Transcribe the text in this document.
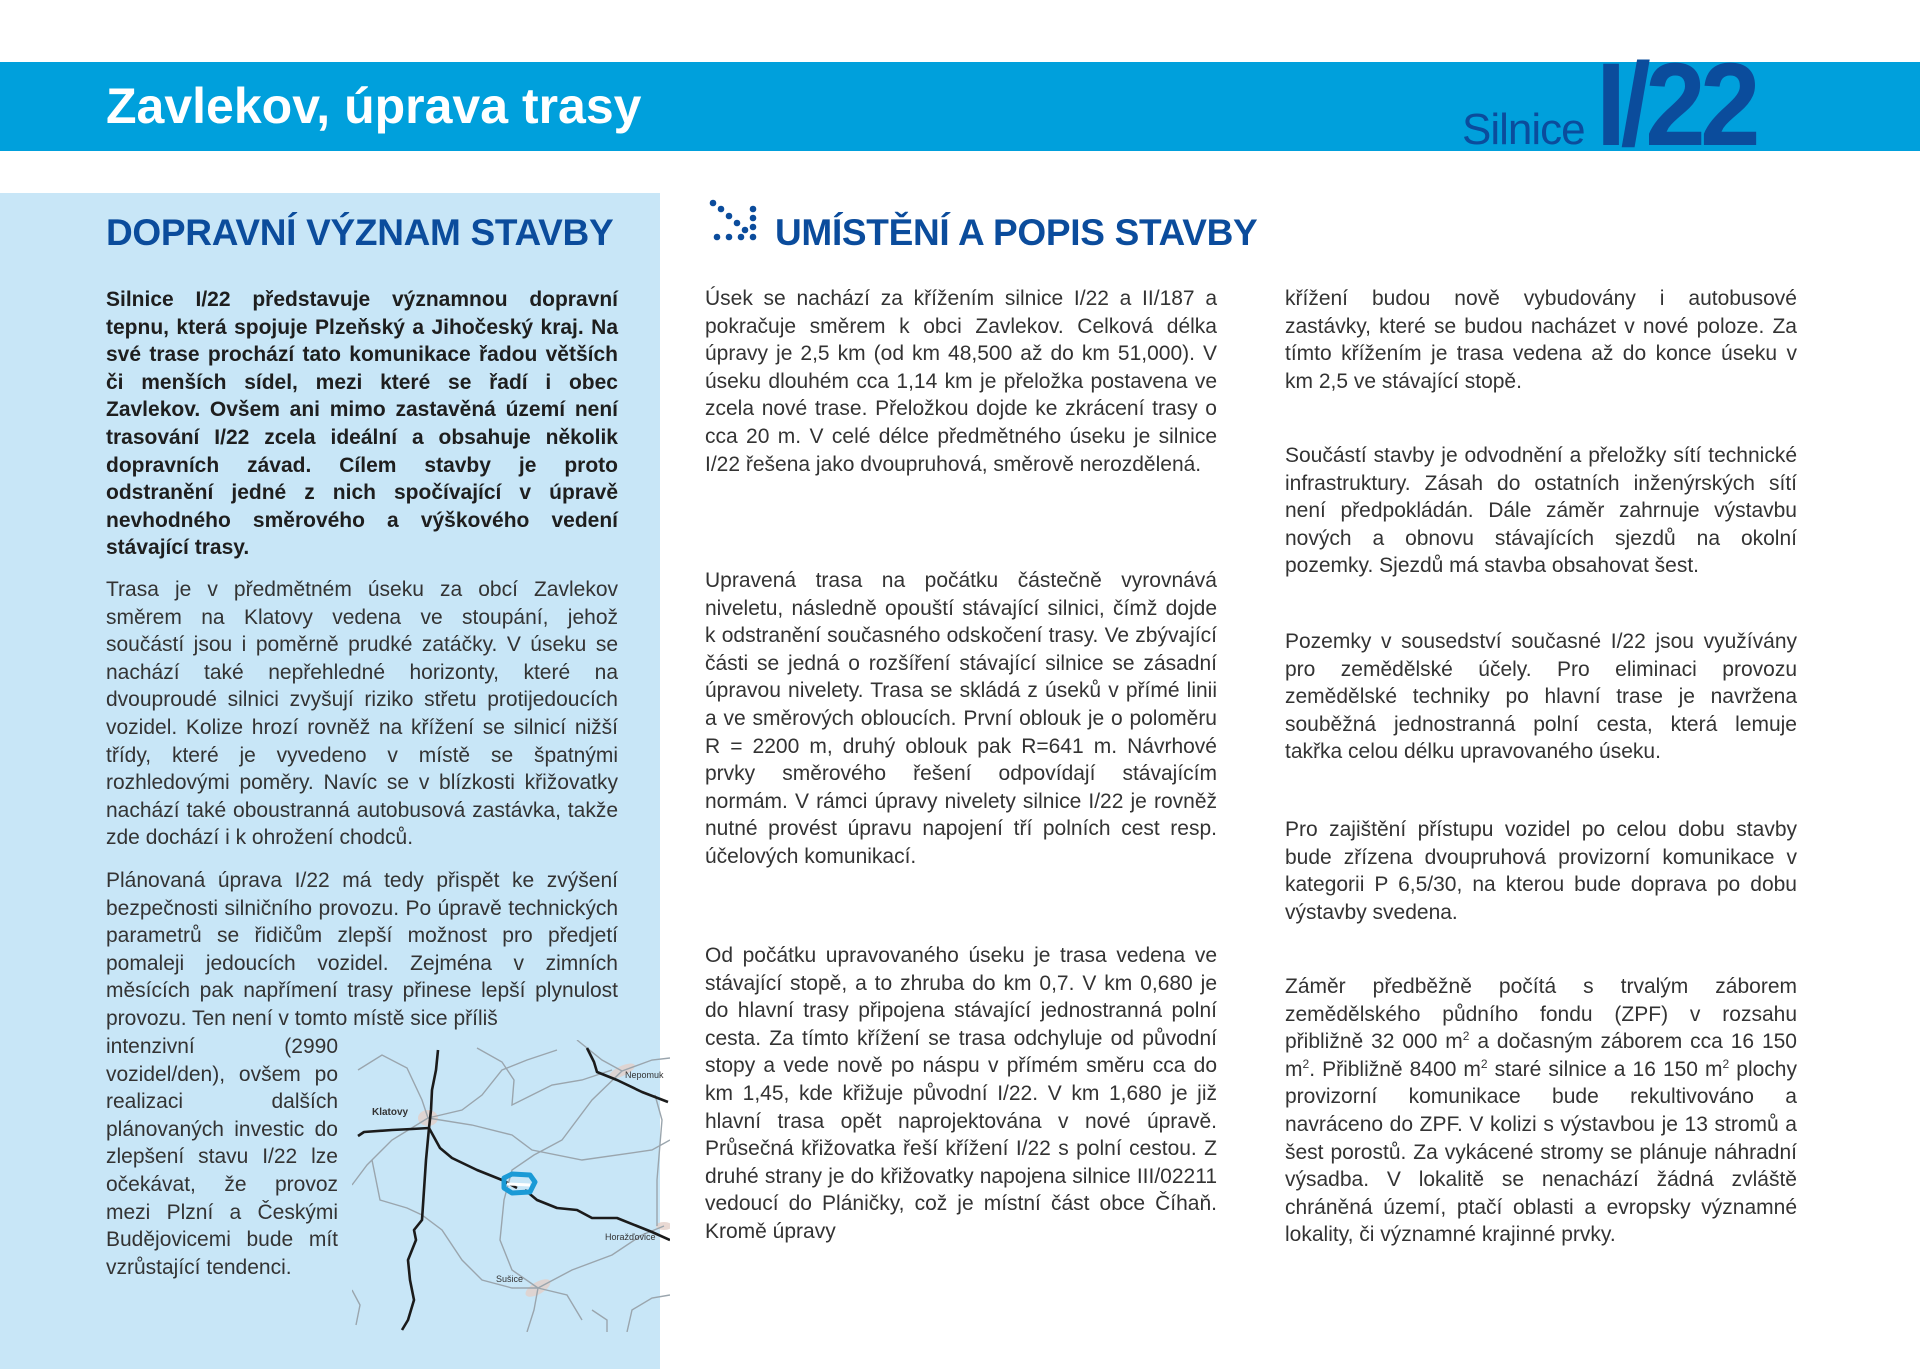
Zavlekov, úprava trasy	Silnice I/22
DOPRAVNÍ VÝZNAM STAVBY
Silnice I/22 představuje významnou dopravní tepnu, která spojuje Plzeňský a Jihočeský kraj. Na své trase prochází tato komunikace řadou větších či menších sídel, mezi které se řadí i obec Zavlekov. Ovšem ani mimo zastavěná území není trasování I/22 zcela ideální a obsahuje několik dopravních závad. Cílem stavby je proto odstranění jedné z nich spočívající v úpravě nevhodného směrového a výškového vedení stávající trasy.
Trasa je v předmětném úseku za obcí Zavlekov směrem na Klatovy vedena ve stoupání, jehož součástí jsou i poměrně prudké zatáčky. V úseku se nachází také nepřehledné horizonty, které na dvouproudé silnici zvyšují riziko střetu protijedoucích vozidel. Kolize hrozí rovněž na křížení se silnicí nižší třídy, které je vyvedeno v místě se špatnými rozhledovými poměry. Navíc se v blízkosti křižovatky nachází také oboustranná autobusová zastávka, takže zde dochází i k ohrožení chodců.
Plánovaná úprava I/22 má tedy přispět ke zvýšení bezpečnosti silničního provozu. Po úpravě technických parametrů se řidičům zlepší možnost pro předjetí pomaleji jedoucích vozidel. Zejména v zimních měsících pak napřímení trasy přinese lepší plynulost provozu. Ten není v tomto místě sice příliš
intenzivní (2990 vozidel/den), ovšem po realizaci dalších plánovaných investic do zlepšení stavu I/22 lze očekávat, že provoz mezi Plzní a Českými Budějovicemi bude mít vzrůstající tendenci.
Klatovy
Nepomuk
Horažďovice
Sušice
UMÍSTĚNÍ A POPIS STAVBY
Úsek se nachází za křížením silnice I/22 a II/187 a pokračuje směrem k obci Zavlekov. Celková délka úpravy je 2,5 km (od km 48,500 až do km 51,000). V úseku dlouhém cca 1,14 km je přeložka postavena ve zcela nové trase. Přeložkou dojde ke zkrácení trasy o cca 20 m. V celé délce předmětného úseku je silnice I/22 řešena jako dvoupruhová, směrově nerozdělená.
Upravená trasa na počátku částečně vyrovnává niveletu, následně opouští stávající silnici, čímž dojde k odstranění současného odskočení trasy. Ve zbývající části se jedná o rozšíření stávající silnice se zásadní úpravou nivelety. Trasa se skládá z úseků v přímé linii a ve směrových obloucích. První oblouk je o poloměru R = 2200 m, druhý oblouk pak R=641 m. Návrhové prvky směrového řešení odpovídají stávajícím normám. V rámci úpravy nivelety silnice I/22 je rovněž nutné provést úpravu napojení tří polních cest resp. účelových komunikací.
Od počátku upravovaného úseku je trasa vedena ve stávající stopě, a to zhruba do km 0,7. V km 0,680 je do hlavní trasy připojena stávající jednostranná polní cesta. Za tímto křížení se trasa odchyluje od původní stopy a vede nově po náspu v přímém směru cca do km 1,45, kde křižuje původní I/22. V km 1,680 je již hlavní trasa opět naprojektována v nové úpravě. Průsečná křižovatka řeší křížení I/22 s polní cestou. Z druhé strany je do křižovatky napojena silnice III/02211 vedoucí do Pláničky, což je místní část obce Číhaň. Kromě úpravy
křížení budou nově vybudovány i autobusové zastávky, které se budou nacházet v nové poloze. Za tímto křížením je trasa vedena až do konce úseku v km 2,5 ve stávající stopě.
Součástí stavby je odvodnění a přeložky sítí technické infrastruktury. Zásah do ostatních inženýrských sítí není předpokládán. Dále záměr zahrnuje výstavbu nových a obnovu stávajících sjezdů na okolní pozemky. Sjezdů má stavba obsahovat šest.
Pozemky v sousedství současné I/22 jsou využívány pro zemědělské účely. Pro eliminaci provozu zemědělské techniky po hlavní trase je navržena souběžná jednostranná polní cesta, která lemuje takřka celou délku upravovaného úseku.
Pro zajištění přístupu vozidel po celou dobu stavby bude zřízena dvoupruhová provizorní komunikace v kategorii P 6,5/30, na kterou bude doprava po dobu výstavby svedena.
Záměr předběžně počítá s trvalým záborem zemědělského půdního fondu (ZPF) v rozsahu přibližně 32 000 $m^2$ a dočasným záborem cca 16 150 $m^2$. Přibližně 8400 $m^2$ staré silnice a 16 150 $m^2$ plochy provizorní komunikace bude rekultivováno a navráceno do ZPF. V kolizi s výstavbou je 13 stromů a šest porostů. Za vykácené stromy se plánuje náhradní výsadba. V lokalitě se nenachází žádná zvláště chráněná území, ptačí oblasti a evropsky významné lokality, či významné krajinné prvky.
